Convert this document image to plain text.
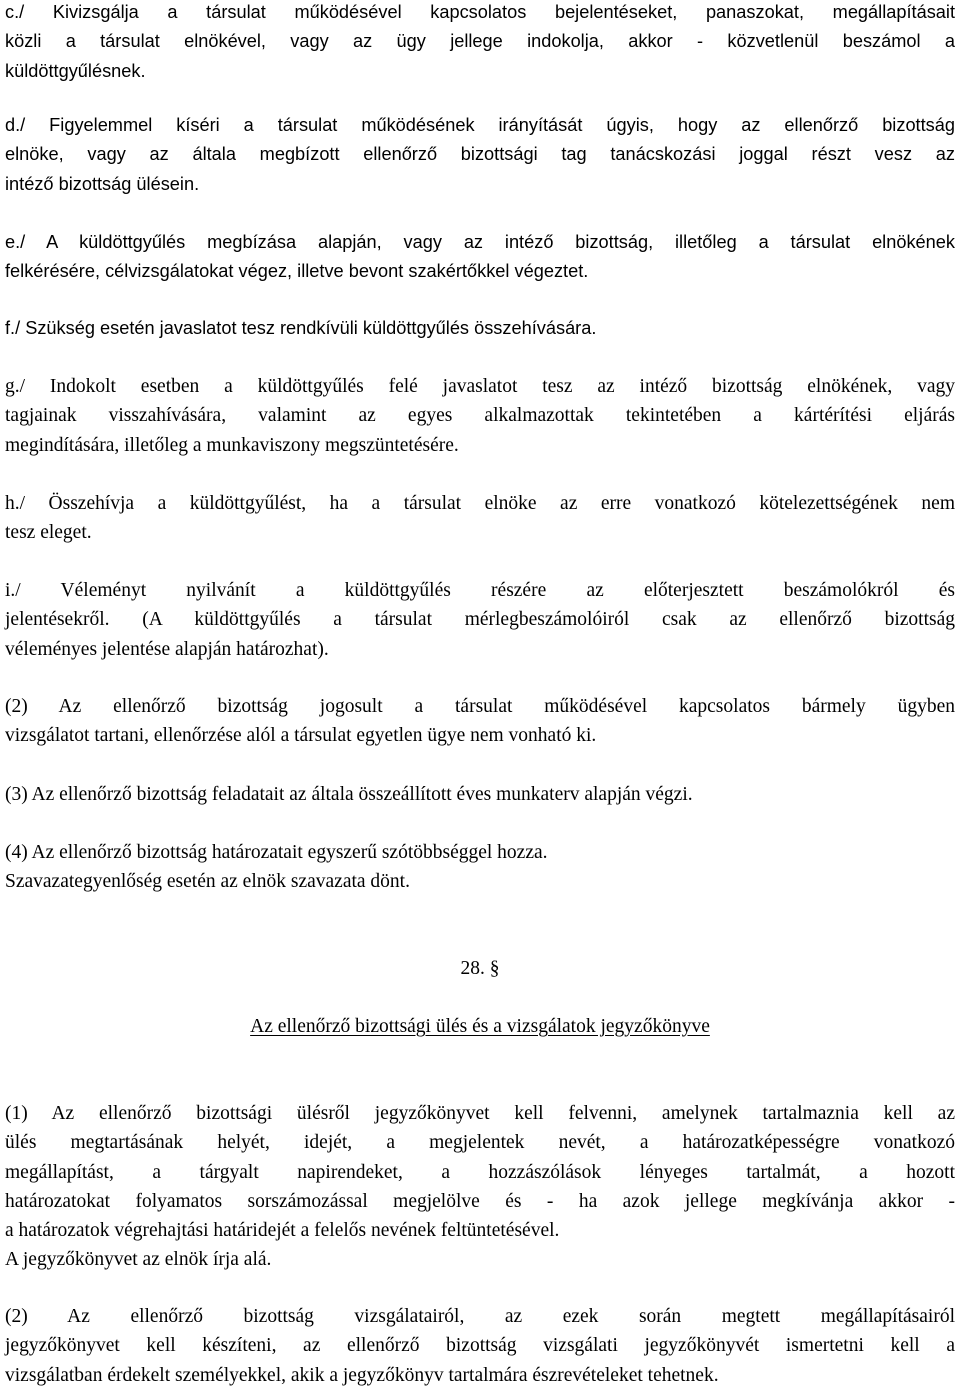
c./ Kivizsgálja a társulat működésével kapcsolatos bejelentéseket, panaszokat, megállapításait
közli a társulat elnökével, vagy az ügy jellege indokolja, akkor - közvetlenül beszámol a
küldöttgyűlésnek.

d./ Figyelemmel kíséri a társulat működésének irányítását úgyis, hogy az ellenőrző bizottság
elnöke, vagy az általa megbízott ellenőrző bizottsági tag tanácskozási joggal részt vesz az
intéző bizottság ülésein.

e./ A küldöttgyűlés megbízása alapján, vagy az intéző bizottság, illetőleg a társulat elnökének
felkérésére, célvizsgálatokat végez, illetve bevont szakértőkkel végeztet.

f./ Szükség esetén javaslatot tesz rendkívüli küldöttgyűlés összehívására.

g./ Indokolt esetben a küldöttgyűlés felé javaslatot tesz az intéző bizottság elnökének, vagy
tagjainak visszahívására, valamint az egyes alkalmazottak tekintetében a kártérítési eljárás
megindítására, illetőleg a munkaviszony megszüntetésére.

h./ Összehívja a küldöttgyűlést, ha a társulat elnöke az erre vonatkozó kötelezettségének nem
tesz eleget.

i./ Véleményt nyilvánít a küldöttgyűlés részére az előterjesztett beszámolókról és
jelentésekről. (A küldöttgyűlés a társulat mérlegbeszámolóiról csak az ellenőrző bizottság
véleményes jelentése alapján határozhat).

(2) Az ellenőrző bizottság jogosult a társulat működésével kapcsolatos bármely ügyben
vizsgálatot tartani, ellenőrzése alól a társulat egyetlen ügye nem vonható ki.

(3) Az ellenőrző bizottság feladatait az általa összeállított éves munkaterv alapján végzi.

(4) Az ellenőrző bizottság határozatait egyszerű szótöbbséggel hozza.
Szavazategyenlőség esetén az elnök szavazata dönt.

28. §

Az ellenőrző bizottsági ülés és a vizsgálatok jegyzőkönyve

(1) Az ellenőrző bizottsági ülésről jegyzőkönyvet kell felvenni, amelynek tartalmaznia kell az
ülés megtartásának helyét, idejét, a megjelentek nevét, a határozatképességre vonatkozó
megállapítást, a tárgyalt napirendeket, a hozzászólások lényeges tartalmát, a hozott
határozatokat folyamatos sorszámozással megjelölve és - ha azok jellege megkívánja akkor -
a határozatok végrehajtási határidejét a felelős nevének feltüntetésével.
A jegyzőkönyvet az elnök írja alá.

(2) Az ellenőrző bizottság vizsgálatairól, az ezek során megtett megállapításairól
jegyzőkönyvet kell készíteni, az ellenőrző bizottság vizsgálati jegyzőkönyvét ismertetni kell a
vizsgálatban érdekelt személyekkel, akik a jegyzőkönyv tartalmára észrevételeket tehetnek.
